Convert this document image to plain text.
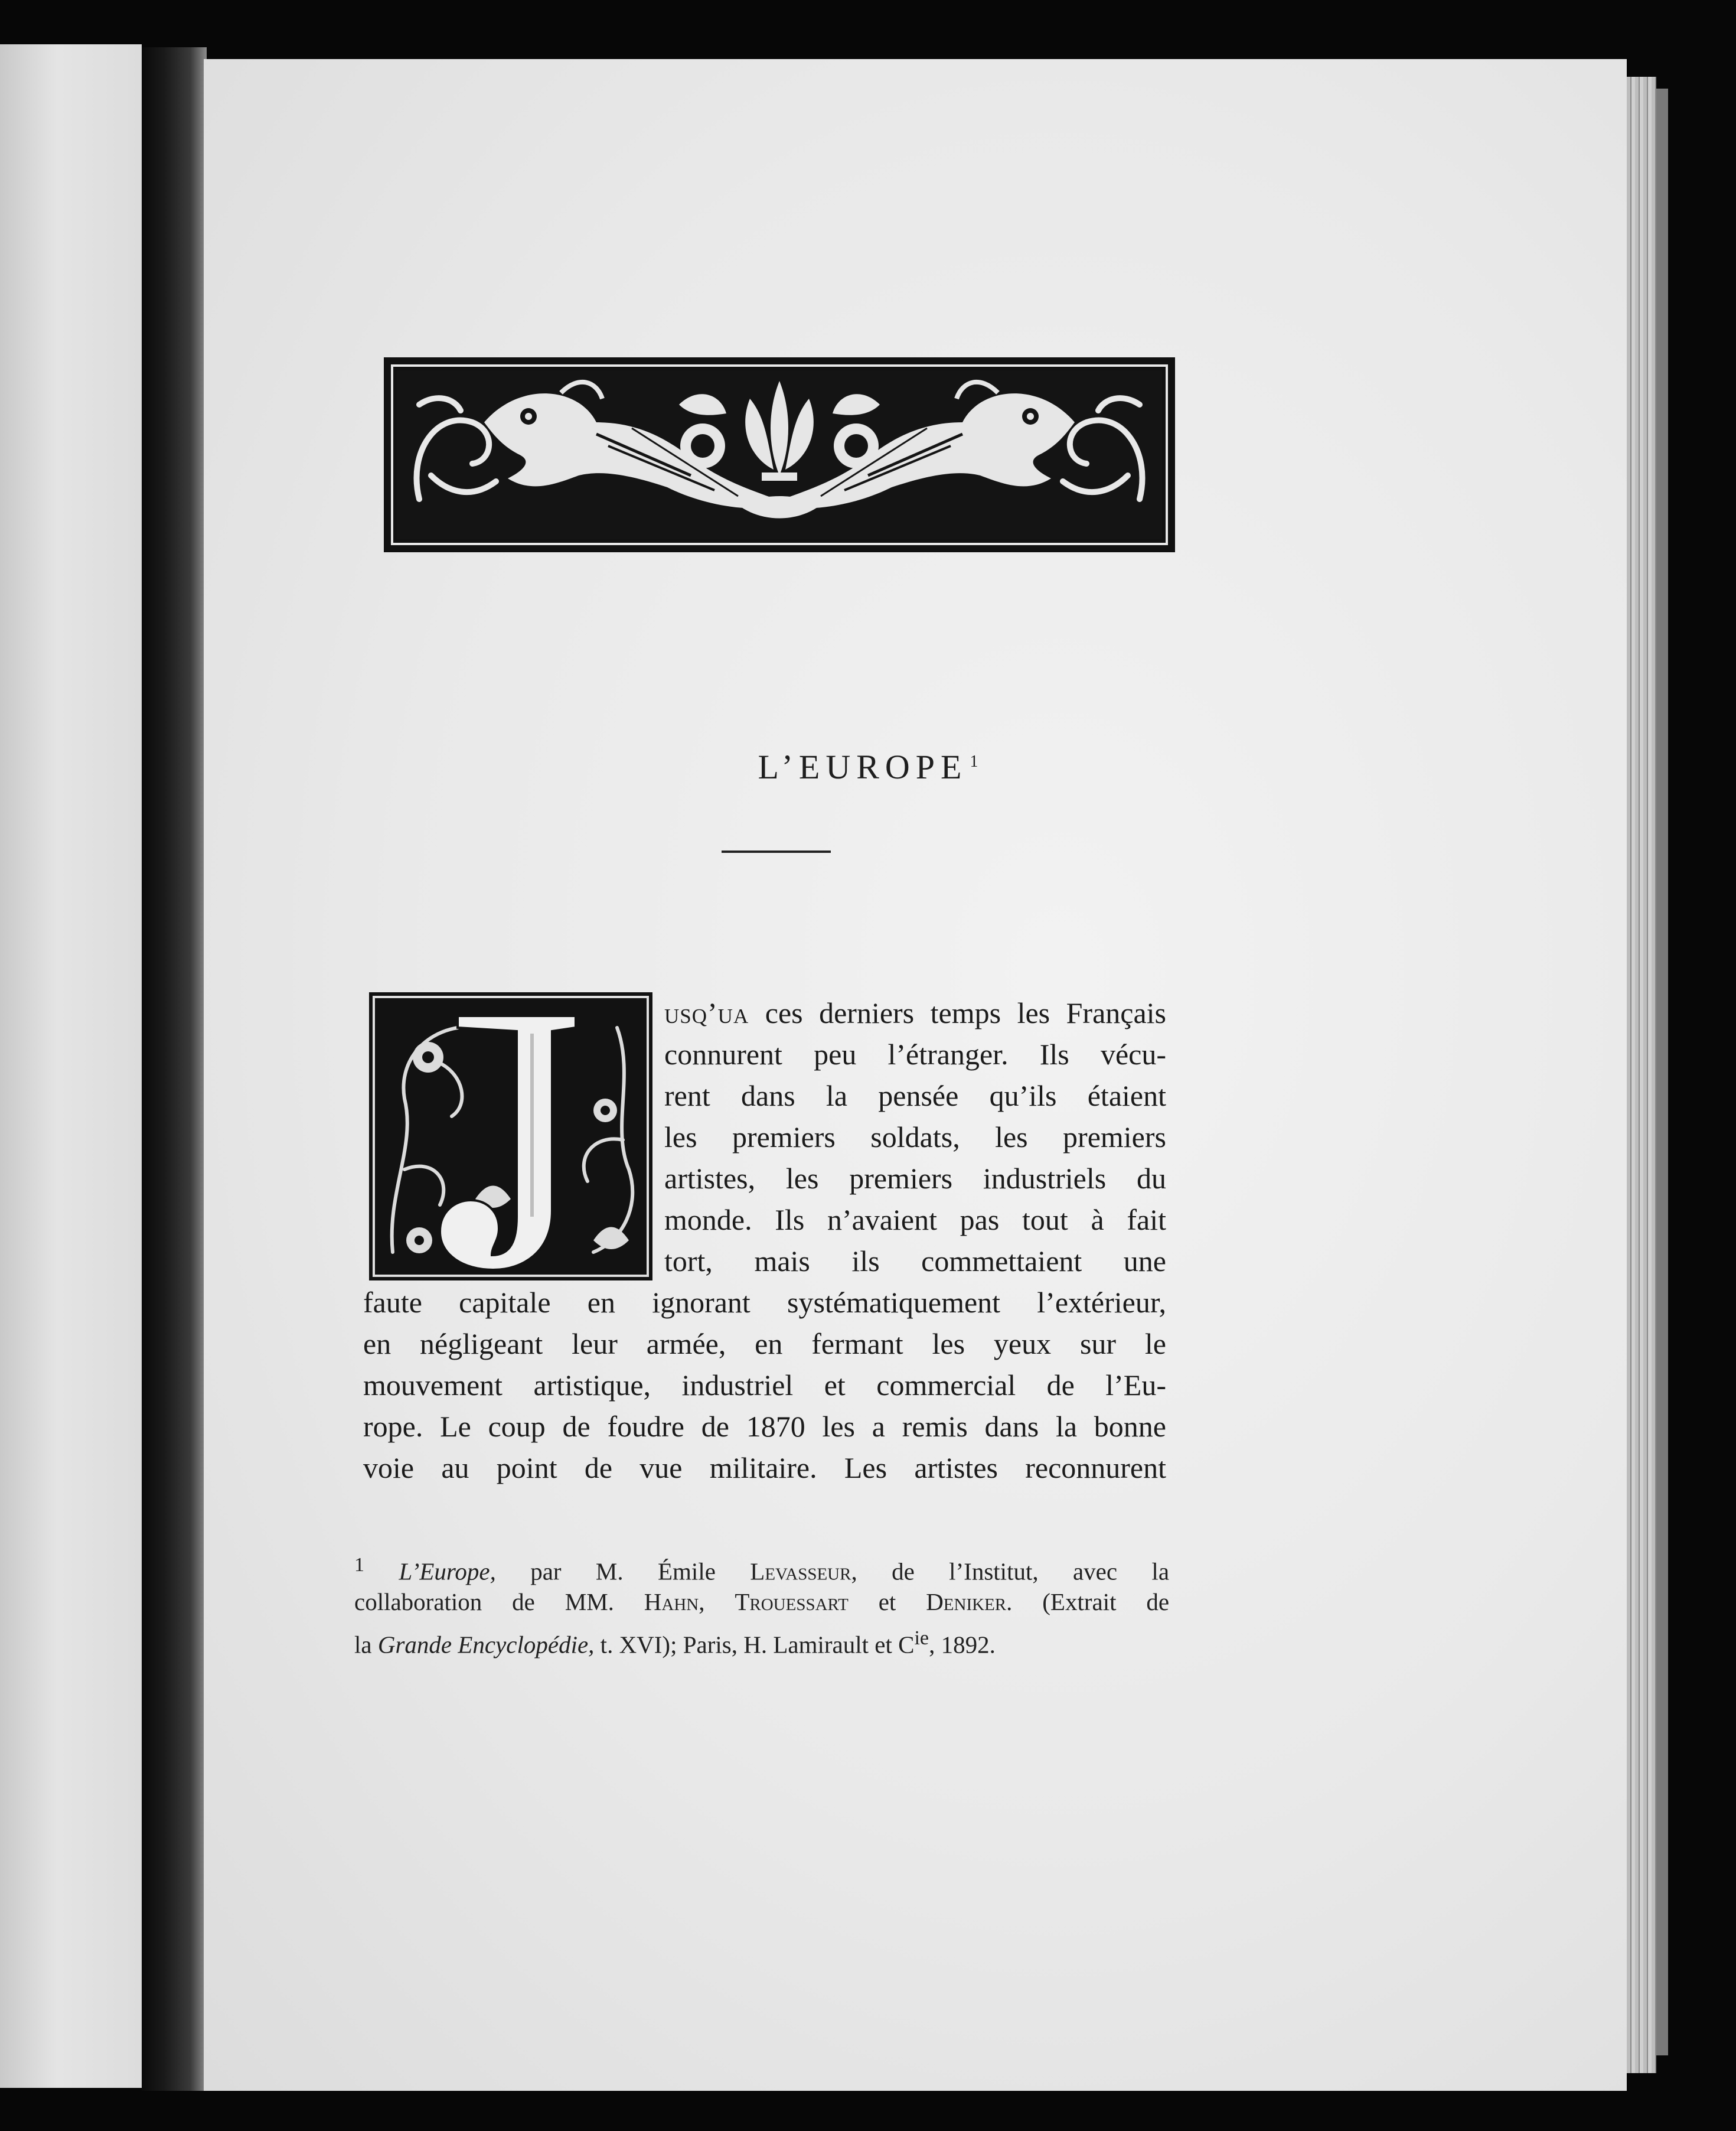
L’EUROPE $^1$
usq’ua ces derniers temps les Français
connurent peu l’étranger. Ils vécu-
rent dans la pensée qu’ils étaient
les premiers soldats, les premiers
artistes, les premiers industriels du
monde. Ils n’avaient pas tout à fait
tort, mais ils commettaient une
faute capitale en ignorant systématiquement l’extérieur,
en négligeant leur armée, en fermant les yeux sur le
mouvement artistique, industriel et commercial de l’Eu-
rope. Le coup de foudre de 1870 les a remis dans la bonne
voie au point de vue militaire. Les artistes reconnurent
$^1$ L’Europe, par M. Émile Levasseur, de l’Institut, avec la
collaboration de MM. Hahn, Trouessart et Deniker. (Extrait de
la Grande Encyclopédie, t. XVI); Paris, H. Lamirault et $C^{ie}$, 1892.
